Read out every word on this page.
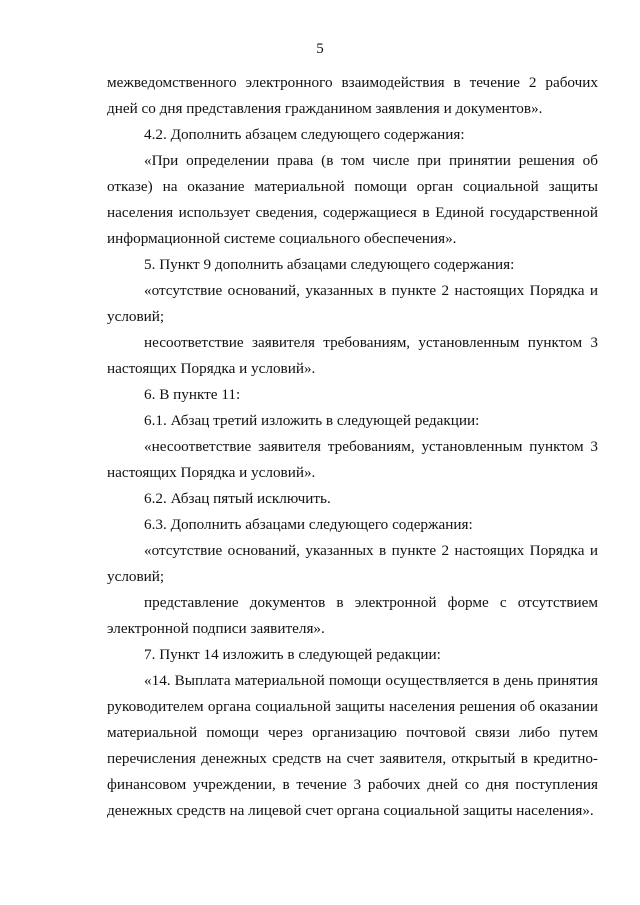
5

межведомственного электронного взаимодействия в течение 2 рабочих дней со дня представления гражданином заявления и документов».

4.2. Дополнить абзацем следующего содержания:

«При определении права (в том числе при принятии решения об отказе) на оказание материальной помощи орган социальной защиты населения использует сведения, содержащиеся в Единой государственной информационной системе социального обеспечения».

5. Пункт 9 дополнить абзацами следующего содержания:

«отсутствие оснований, указанных в пункте 2 настоящих Порядка и условий;

несоответствие заявителя требованиям, установленным пунктом 3 настоящих Порядка и условий».

6. В пункте 11:

6.1. Абзац третий изложить в следующей редакции:

«несоответствие заявителя требованиям, установленным пунктом 3 настоящих Порядка и условий».

6.2. Абзац пятый исключить.

6.3. Дополнить абзацами следующего содержания:

«отсутствие оснований, указанных в пункте 2 настоящих Порядка и условий;

представление документов в электронной форме с отсутствием электронной подписи заявителя».

7. Пункт 14 изложить в следующей редакции:

«14. Выплата материальной помощи осуществляется в день принятия руководителем органа социальной защиты населения решения об оказании материальной помощи через организацию почтовой связи либо путем перечисления денежных средств на счет заявителя, открытый в кредитно-финансовом учреждении, в течение 3 рабочих дней со дня поступления денежных средств на лицевой счет органа социальной защиты населения».
